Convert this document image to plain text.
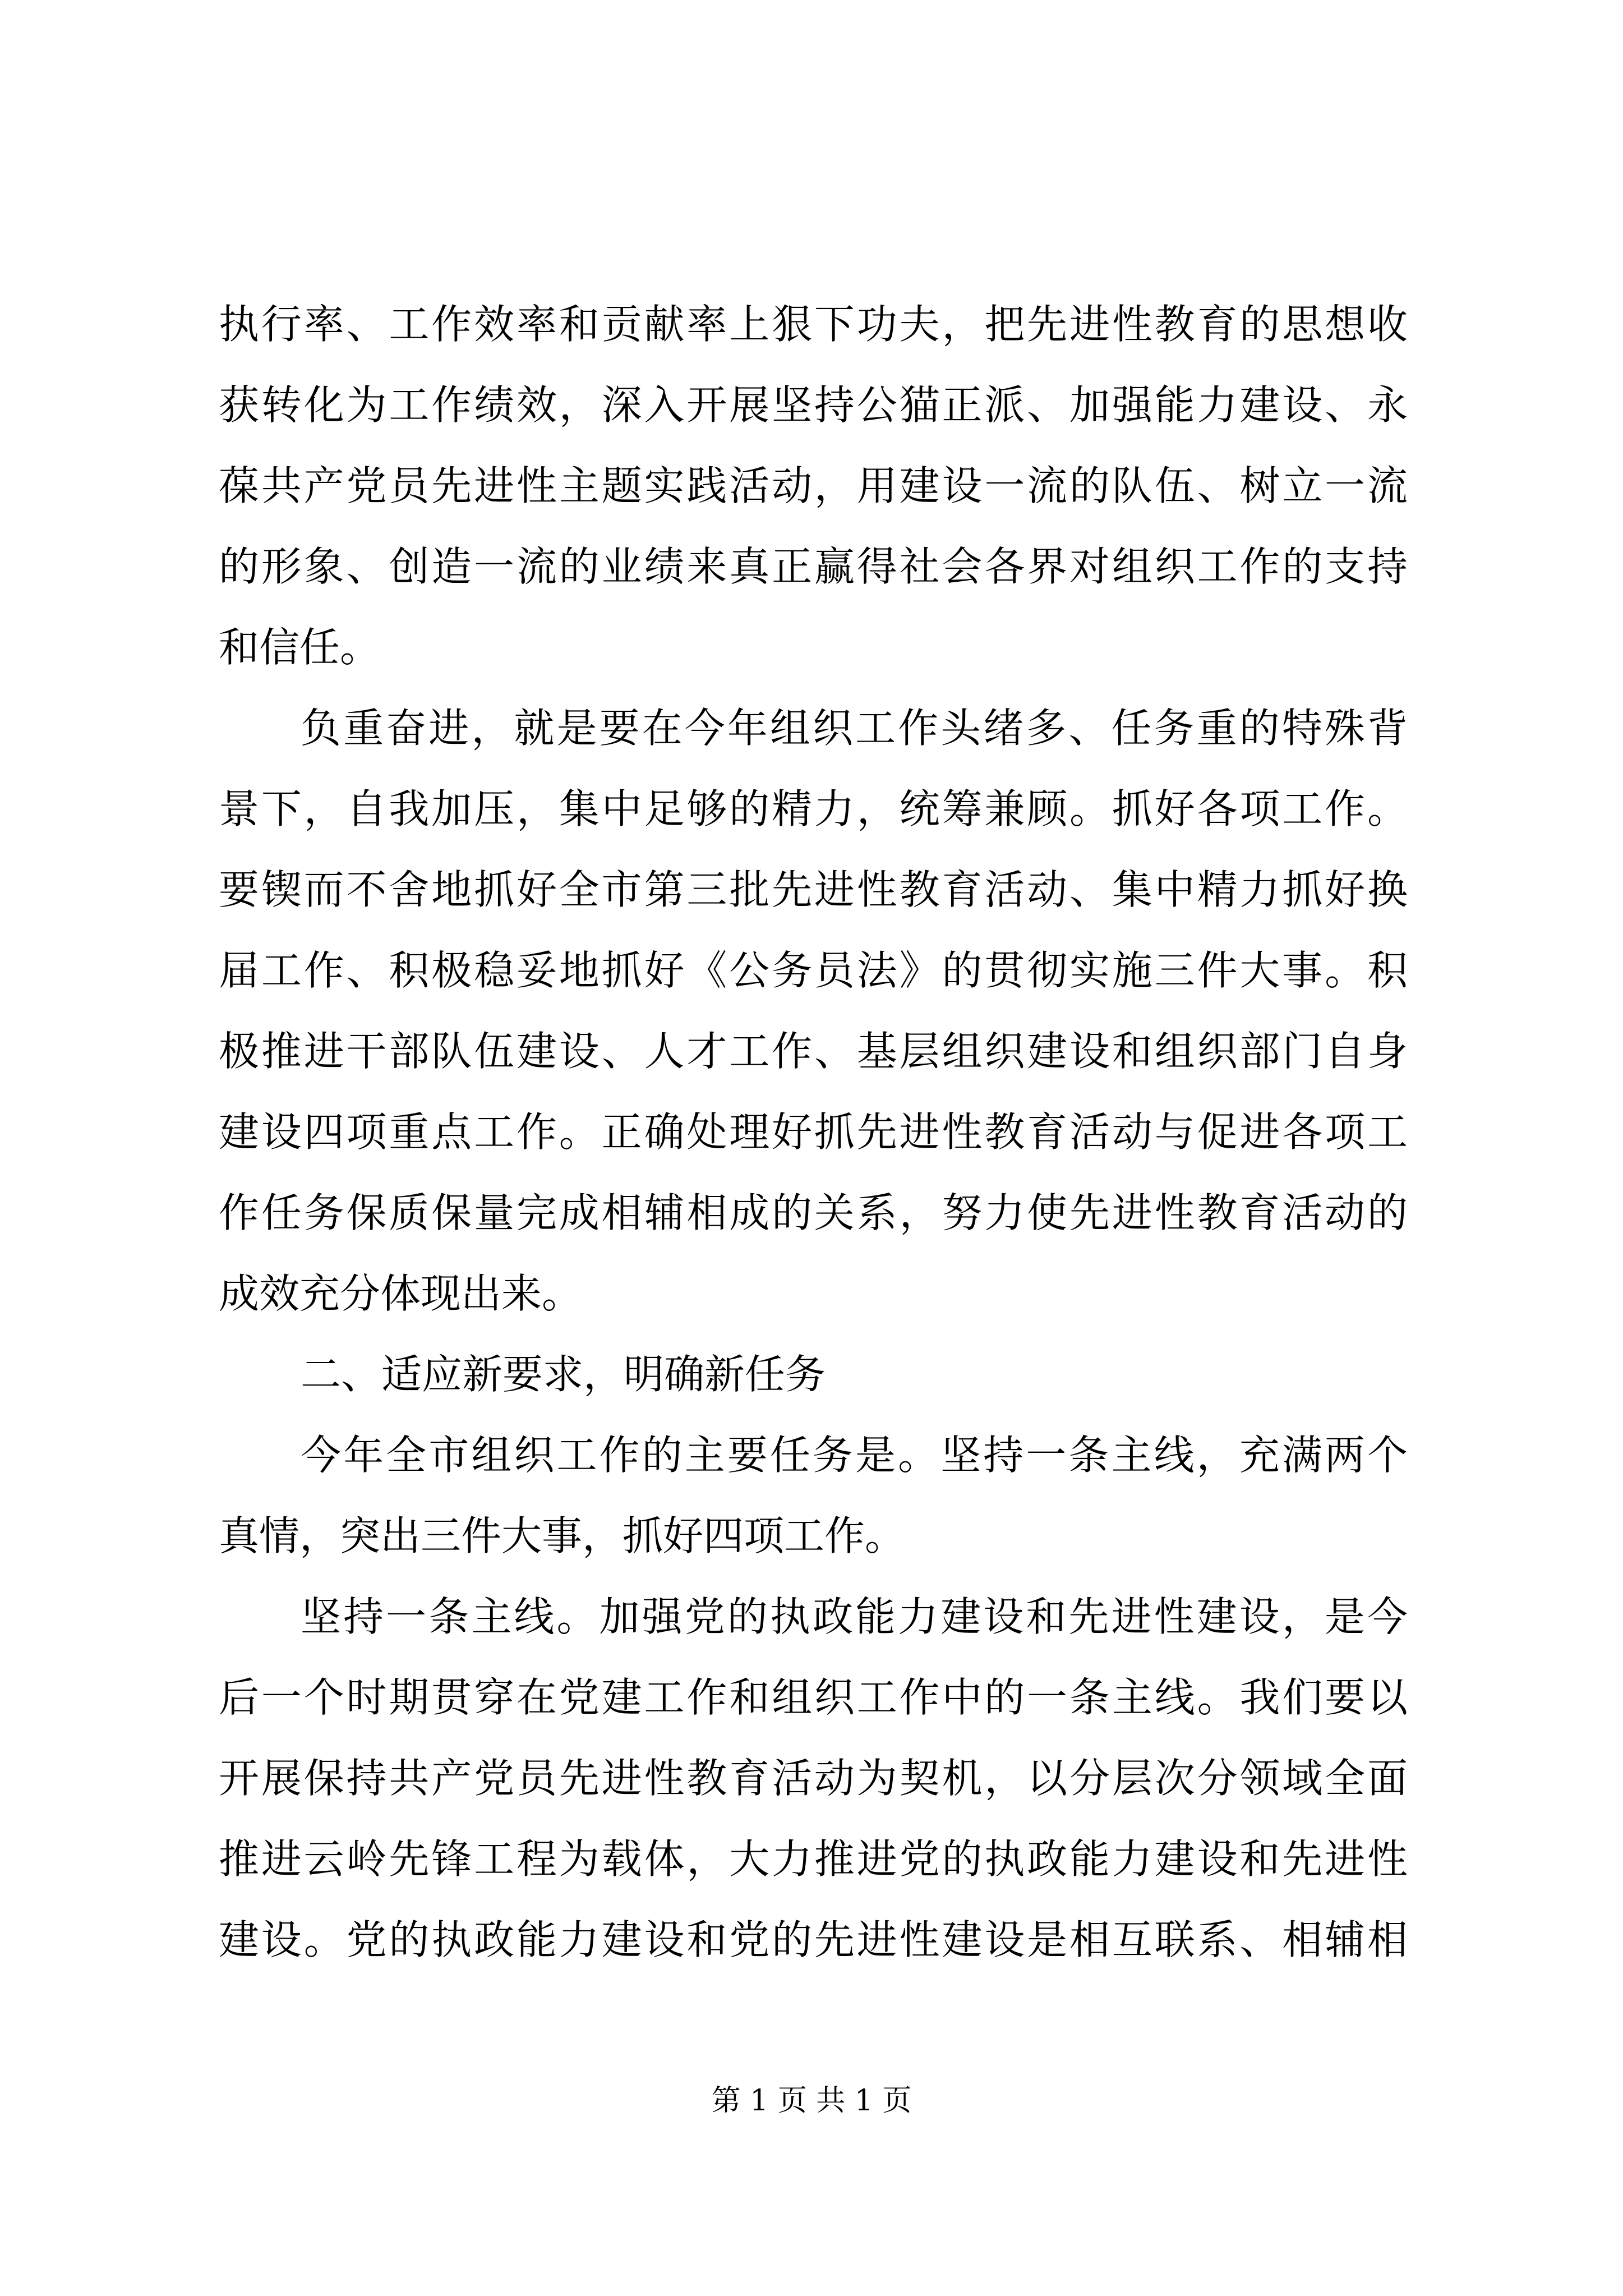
执行率、工作效率和贡献率上狠下功夫，把先进性教育的思想收

获转化为工作绩效，深入开展坚持公猫正派、加强能力建设、永

葆共产党员先进性主题实践活动，用建设一流的队伍、树立一流

的形象、创造一流的业绩来真正赢得社会各界对组织工作的支持

和信任。

负重奋进，就是要在今年组织工作头绪多、任务重的特殊背

景下，自我加压，集中足够的精力，统筹兼顾。抓好各项工作。

要锲而不舍地抓好全市第三批先进性教育活动、集中精力抓好换

届工作、积极稳妥地抓好《公务员法》的贯彻实施三件大事。积

极推进干部队伍建设、人才工作、基层组织建设和组织部门自身

建设四项重点工作。正确处理好抓先进性教育活动与促进各项工

作任务保质保量完成相辅相成的关系，努力使先进性教育活动的

成效充分体现出来。

二、适应新要求，明确新任务

今年全市组织工作的主要任务是。坚持一条主线，充满两个

真情，突出三件大事，抓好四项工作。

坚持一条主线。加强党的执政能力建设和先进性建设，是今

后一个时期贯穿在党建工作和组织工作中的一条主线。我们要以

开展保持共产党员先进性教育活动为契机，以分层次分领域全面

推进云岭先锋工程为载体，大力推进党的执政能力建设和先进性

建设。党的执政能力建设和党的先进性建设是相互联系、相辅相

第 1 页 共 1 页
